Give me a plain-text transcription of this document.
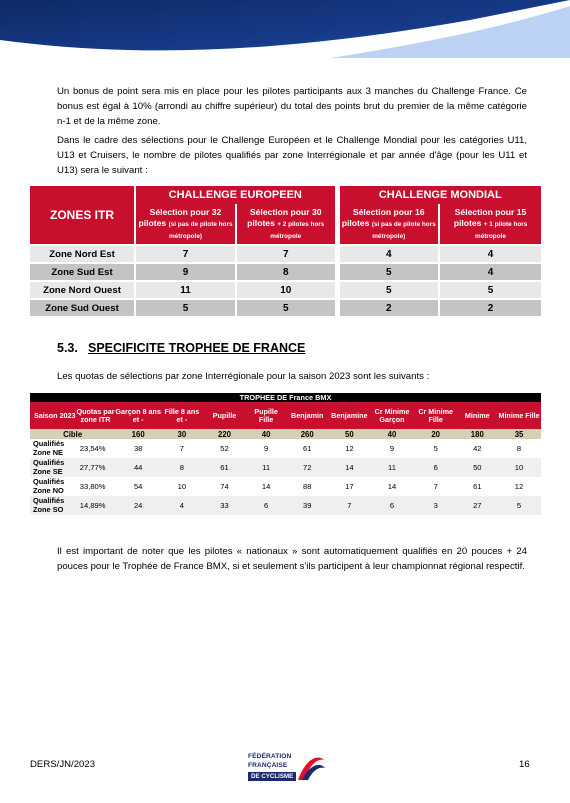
Un bonus de point sera mis en place pour les pilotes participants aux 3 manches du Challenge France. Ce bonus est égal à 10% (arrondi au chiffre supérieur) du total des points brut du premier de la même catégorie n-1 et de la même zone.
Dans le cadre des sélections pour le Challenge Européen et le Challenge Mondial pour les catégories U11, U13 et Cruisers, le nombre de pilotes qualifiés par zone Interrégionale et par année d'âge (pour les U11 et U13) sera le suivant :
ZONES ITR	CHALLENGE EUROPEEN		CHALLENGE MONDIAL	
	Sélection pour 32 pilotes (si pas de pilote hors métropole)	Sélection pour 30 pilotes + 2 pilotes hors métropole	Sélection pour 16 pilotes (si pas de pilote hors métropole)	Sélection pour 15 pilotes + 1 pilote hors métropole
Zone Nord Est	7	7	4	4
Zone Sud Est	9	8	5	4
Zone Nord Ouest	11	10	5	5
Zone Sud Ouest	5	5	2	2
5.3. SPECIFICITE TROPHEE DE FRANCE
Les quotas de sélections par zone Interrégionale pour la saison 2023 sont les suivants :
TROPHEE DE France BMX											
Saison 2023	Quotas par zone ITR	Garçon 8 ans et -	Fille 8 ans et -	Pupille	Pupille Fille	Benjamin	Benjamine	Cr Minime Garçon	Cr Minime Fille	Minime	Minime Fille
Cible		160	30	220	40	260	50	40	20	180	35
Qualifiés Zone NE	23,54%	38	7	52	9	61	12	9	5	42	8
Qualifiés Zone SE	27,77%	44	8	61	11	72	14	11	6	50	10
Qualifiés Zone NO	33,80%	54	10	74	14	88	17	14	7	61	12
Qualifiés Zone SO	14,89%	24	4	33	6	39	7	6	3	27	5
Il est important de noter que les pilotes « nationaux » sont automatiquement qualifiés en 20 pouces + 24 pouces pour le Trophée de France BMX, si et seulement s'ils participent à leur championnat régional respectif.
DERS/JN/2023
FÉDÉRATION
FRANÇAISE
DE CYCLISME
16
